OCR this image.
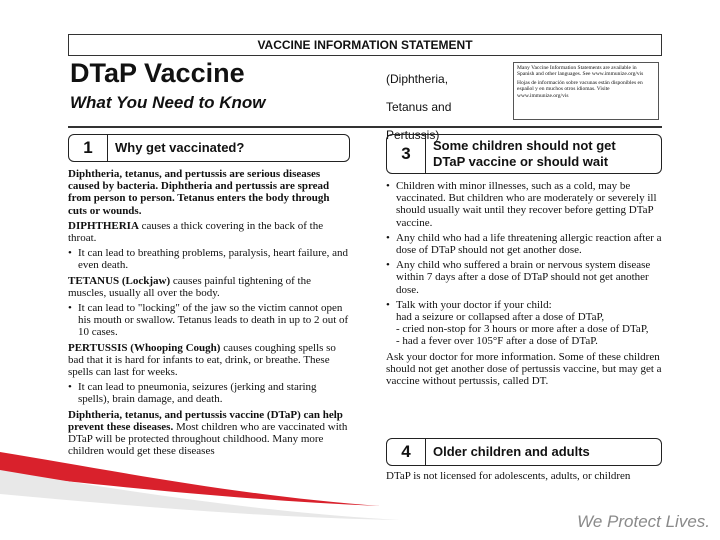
VACCINE INFORMATION STATEMENT
DTaP Vaccine
What You Need to Know

(Diphtheria,

Tetanus and

Pertussis)

Many Vaccine Information Statements are available in Spanish and other languages. See www.immunize.org/vis

Hojas de información sobre vacunas están disponibles en español y en muchos otros idiomas. Visite www.immunize.org/vis

1	Why get vaccinated?	3	Some children should not get
DTaP vaccine or should wait

Diphtheria, tetanus, and pertussis are serious diseases caused by bacteria. Diphtheria and pertussis are spread from person to person. Tetanus enters the body through cuts or wounds.

DIPHTHERIA causes a thick covering in the back of the throat.

• It can lead to breathing problems, paralysis, heart failure, and even death.

TETANUS (Lockjaw) causes painful tightening of the muscles, usually all over the body.

• It can lead to "locking" of the jaw so the victim cannot open his mouth or swallow. Tetanus leads to death in up to 2 out of 10 cases.

PERTUSSIS (Whooping Cough) causes coughing spells so bad that it is hard for infants to eat, drink, or breathe. These spells can last for weeks.

• It can lead to pneumonia, seizures (jerking and staring spells), brain damage, and death.

Diphtheria, tetanus, and pertussis vaccine (DTaP) can help prevent these diseases. Most children who are vaccinated with DTaP will be protected throughout childhood. Many more children would get these diseases

• Children with minor illnesses, such as a cold, may be vaccinated. But children who are moderately or severely ill should usually wait until they recover before getting DTaP vaccine.
• Any child who had a life threatening allergic reaction after a dose of DTaP should not get another dose.
• Any child who suffered a brain or nervous system disease within 7 days after a dose of DTaP should not get another dose.
• Talk with your doctor if your child:
had a seizure or collapsed after a dose of DTaP,
- cried non-stop for 3 hours or more after a dose of DTaP,
- had a fever over 105°F after a dose of DTaP.

Ask your doctor for more information. Some of these children should not get another dose of pertussis vaccine, but may get a vaccine without pertussis, called DT.

4	Older children and adults

DTaP is not licensed for adolescents, adults, or children

We Protect Lives.
